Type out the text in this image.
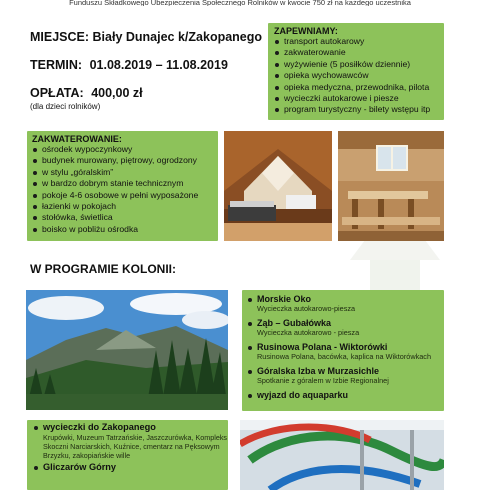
Funduszu Składkowego Ubezpieczenia Społecznego Rolników w kwocie 750 zł na każdego uczestnika
MIEJSCE: Biały Dunajec k/Zakopanego
TERMIN: 01.08.2019 – 11.08.2019
OPŁATA: 400,00 zł
(dla dzieci rolników)
ZAPEWNIAMY:
transport autokarowy
zakwaterowanie
wyżywienie (5 posiłków dziennie)
opieka wychowawców
opieka medyczna, przewodnika, pilota
wycieczki autokarowe i piesze
program turystyczny - bilety wstępu itp
ZAKWATEROWANIE:
ośrodek wypoczynkowy
budynek murowany, piętrowy, ogrodzony
w stylu „góralskim”
w bardzo dobrym stanie technicznym
pokoje 4-6 osobowe w pełni wyposażone
łazienki w pokojach
stołówka, świetlica
boisko w pobliżu ośrodka
W PROGRAMIE KOLONII:
Morskie Oko
Wycieczka autokarowo-piesza
Ząb – Gubałówka
Wycieczka autokarowo - piesza
Rusinowa Polana - Wiktorówki
Rusinowa Polana, bacówka, kaplica na Wiktorówkach
Góralska Izba w Murzasichle
Spotkanie z góralem w Izbie Regionalnej
wyjazd do aquaparku
wycieczki do Zakopanego
Krupówki, Muzeum Tatrzańskie, Jaszczurówka, Kompleks Skoczni Narciarskich, Kuźnice, cmentarz na Pęksowym Brzyzku, zakopiańskie wille
Gliczarów Górny
